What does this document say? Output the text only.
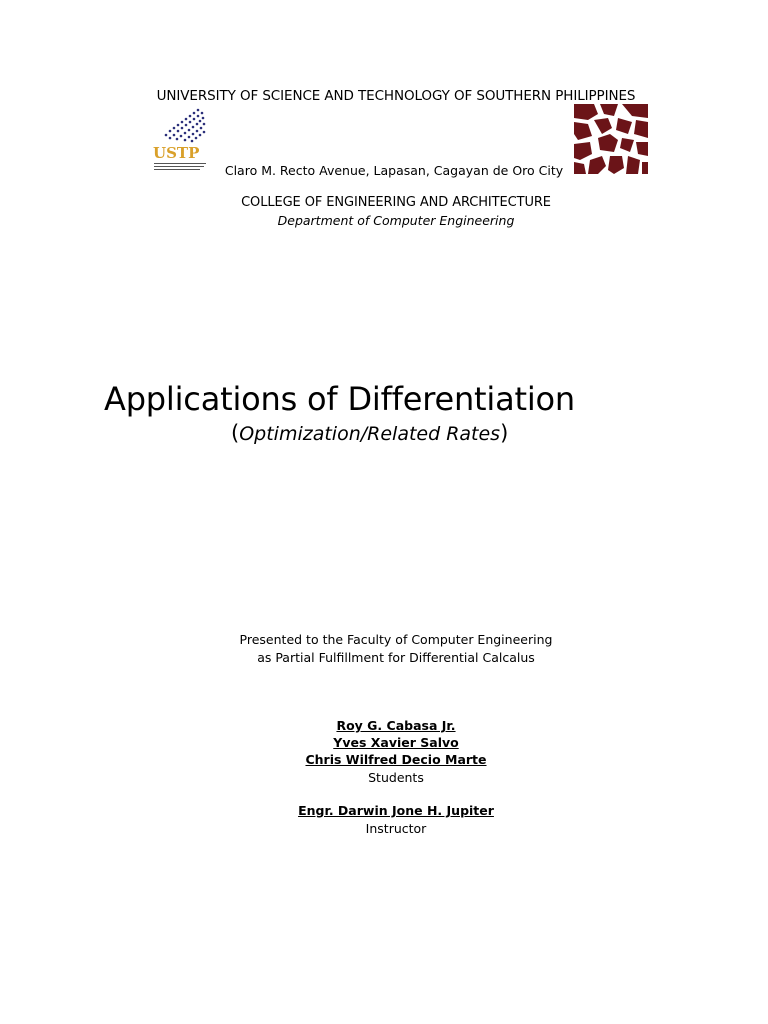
UNIVERSITY OF SCIENCE AND TECHNOLOGY OF SOUTHERN PHILIPPINES
USTP
Claro M. Recto Avenue, Lapasan, Cagayan de Oro City
COLLEGE OF ENGINEERING AND ARCHITECTURE
Department of Computer Engineering
Applications of Differentiation
(Optimization/Related Rates)
Presented to the Faculty of Computer Engineering
as Partial Fulfillment for Differential Calcalus
Roy G. Cabasa Jr.
Yves Xavier Salvo
Chris Wilfred Decio Marte
Students
Engr. Darwin Jone H. Jupiter
Instructor
